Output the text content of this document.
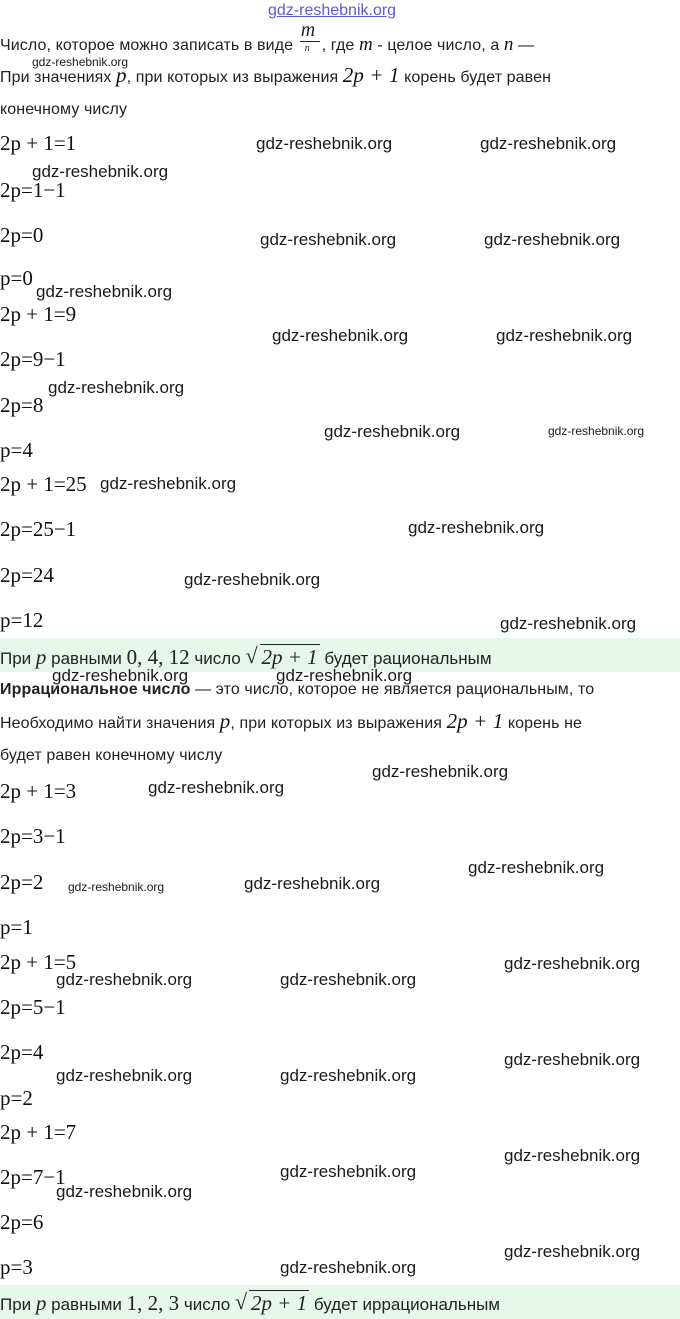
gdz-reshebnik.org
Число, которое можно записать в виде $\frac{m}{n}$ , где m - целое число, а n —
При значениях p, при которых из выражения 2p + 1 корень будет равен
конечному числу
2p + 1=1
2p=1−1
2p=0
p=0
2p + 1=9
2p=9−1
2p=8
p=4
2p + 1=25
2p=25−1
2p=24
p=12
При p равными 0, 4, 12 число √ 2p + 1 будет рациональным
Иррациональное число — это число, которое не является рациональным, то
Необходимо найти значения p, при которых из выражения 2p + 1 корень не
будет равен конечному числу
2p + 1=3
2p=3−1
2p=2
p=1
2p + 1=5
2p=5−1
2p=4
p=2
2p + 1=7
2p=7−1
2p=6
p=3
При p равными 1, 2, 3 число √ 2p + 1 будет иррациональным
gdz-reshebnik.org
gdz-reshebnik.org	gdz-reshebnik.org
gdz-reshebnik.org
gdz-reshebnik.org	gdz-reshebnik.org
gdz-reshebnik.org
gdz-reshebnik.org	gdz-reshebnik.org
gdz-reshebnik.org
gdz-reshebnik.org	gdz-reshebnik.org
gdz-reshebnik.org
gdz-reshebnik.org
gdz-reshebnik.org
gdz-reshebnik.org
gdz-reshebnik.org	gdz-reshebnik.org
gdz-reshebnik.org
gdz-reshebnik.org
gdz-reshebnik.org
gdz-reshebnik.org	gdz-reshebnik.org
gdz-reshebnik.org
gdz-reshebnik.org	gdz-reshebnik.org
gdz-reshebnik.org
gdz-reshebnik.org	gdz-reshebnik.org
gdz-reshebnik.org
gdz-reshebnik.org
gdz-reshebnik.org
gdz-reshebnik.org
gdz-reshebnik.org
